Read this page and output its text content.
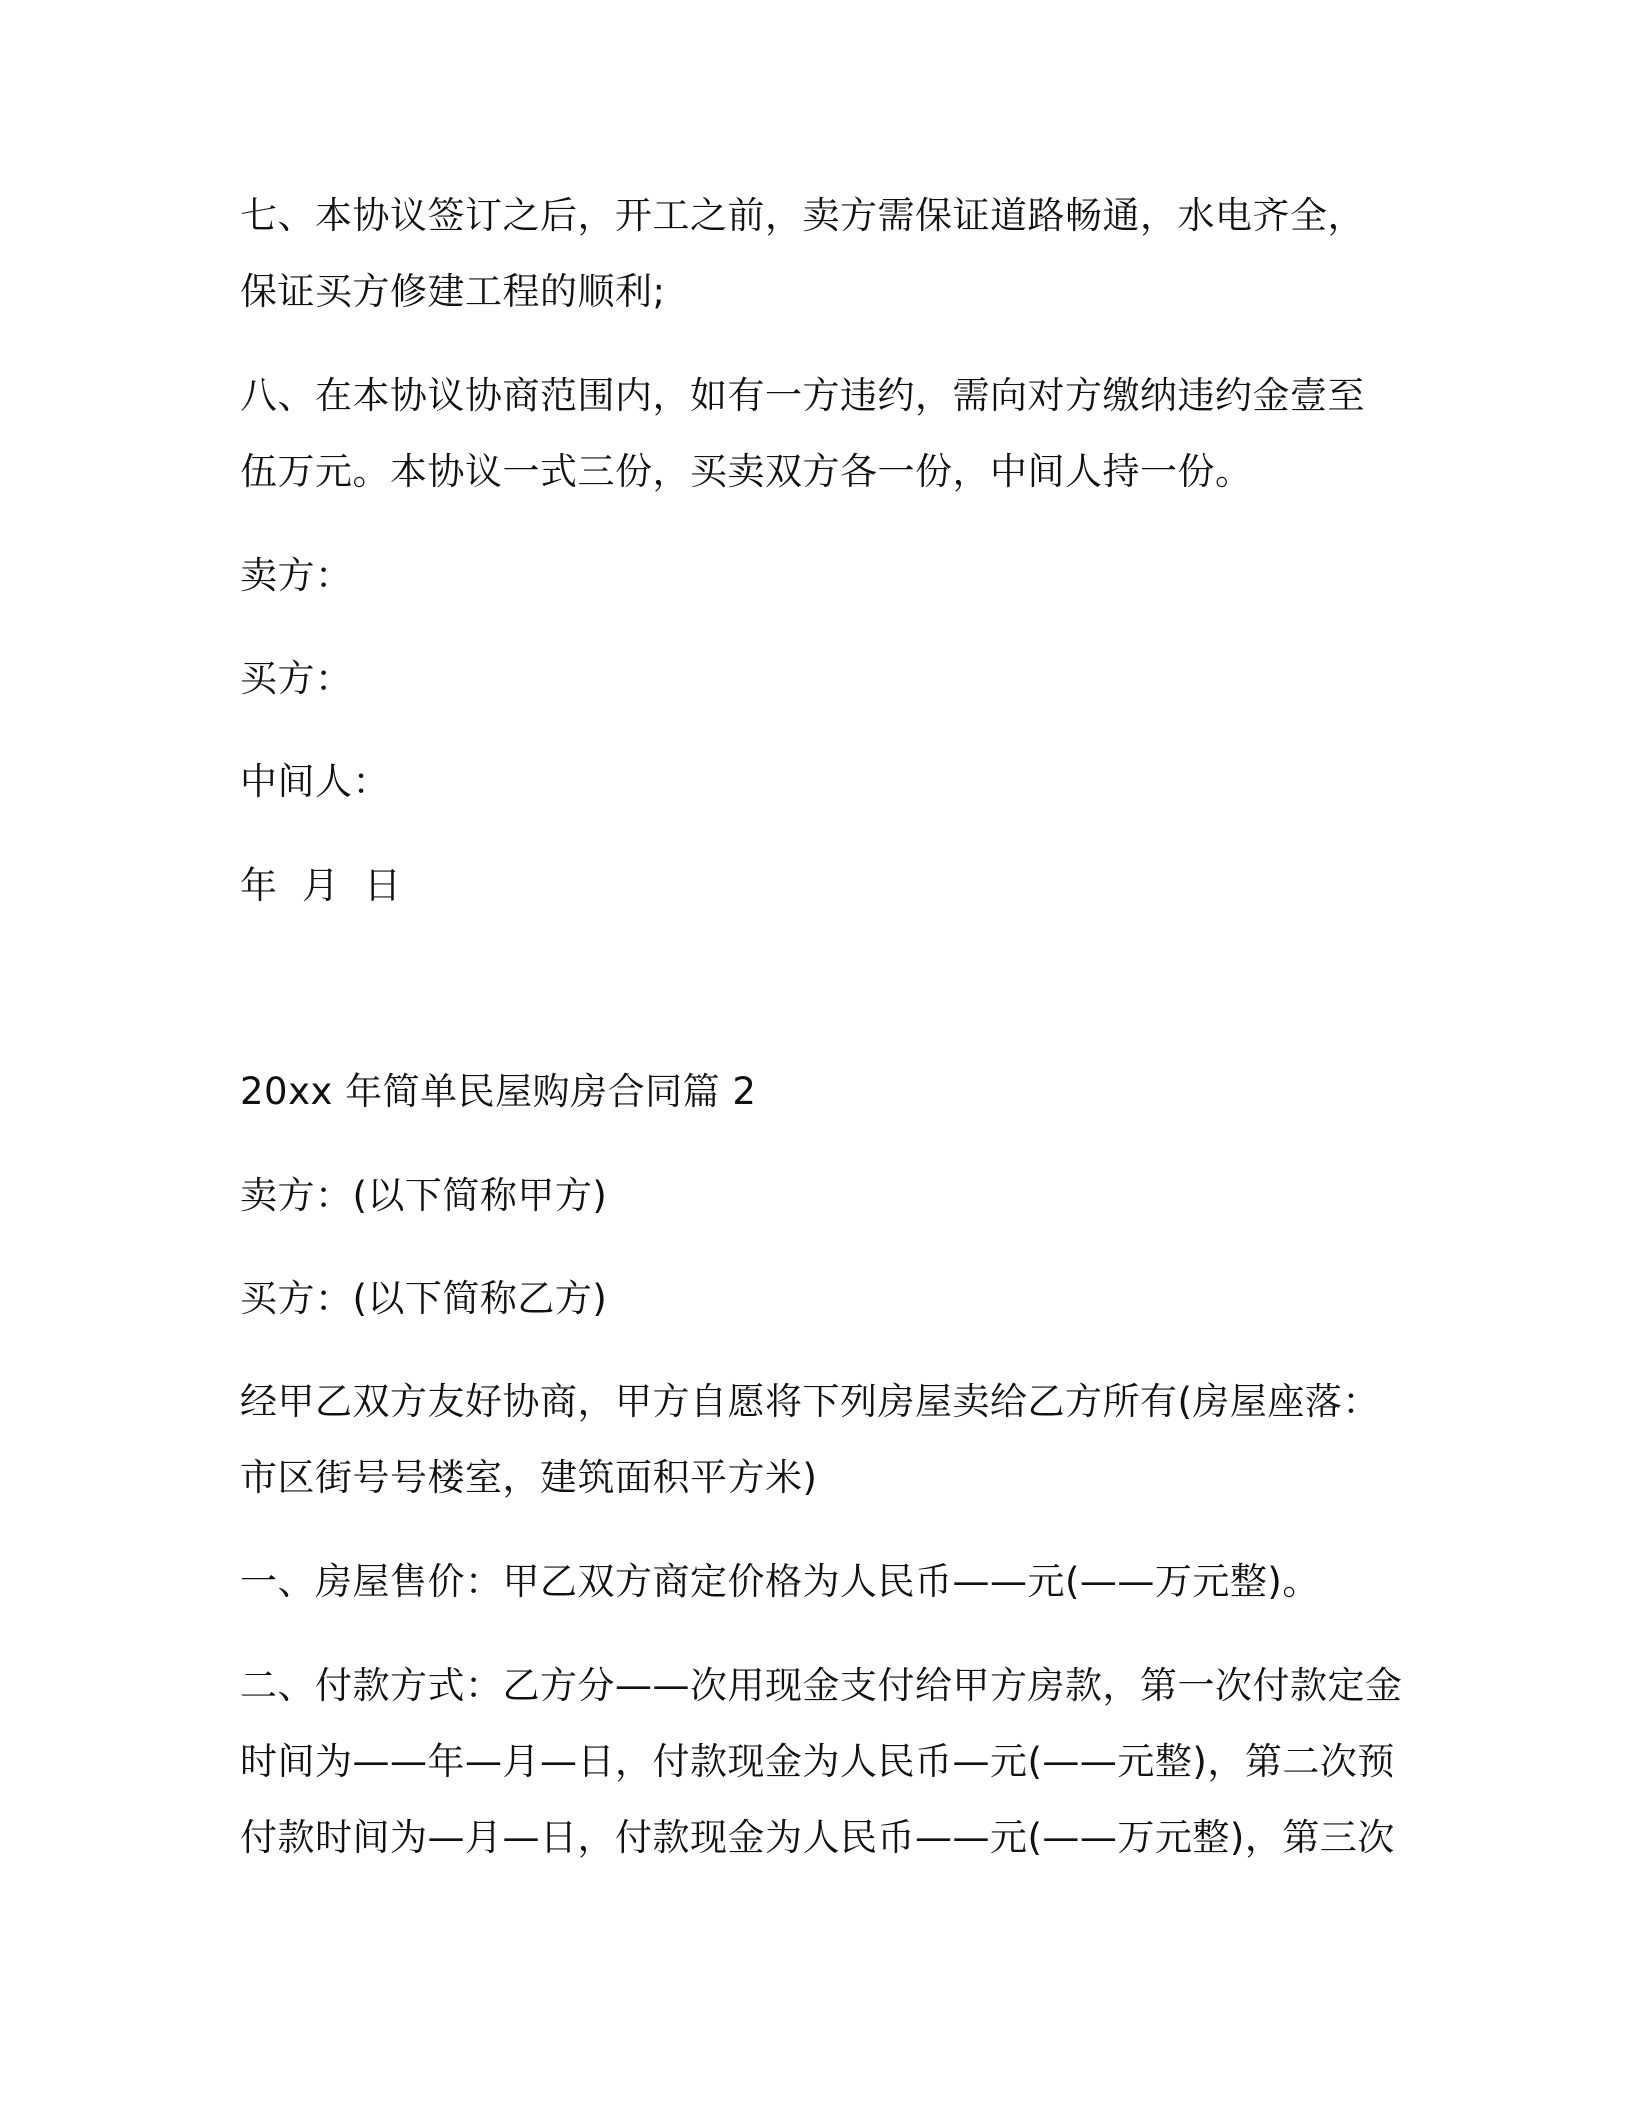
七、本协议签订之后，开工之前，卖方需保证道路畅通，水电齐全，
保证买方修建工程的顺利;
八、在本协议协商范围内，如有一方违约，需向对方缴纳违约金壹至
伍万元。本协议一式三份，买卖双方各一份，中间人持一份。
卖方：
买方：
中间人：
年  月  日
20xx 年简单民屋购房合同篇 2
卖方：(以下简称甲方)
买方：(以下简称乙方)
经甲乙双方友好协商，甲方自愿将下列房屋卖给乙方所有(房屋座落：
市区街号号楼室，建筑面积平方米)
一、房屋售价：甲乙双方商定价格为人民币——元(——万元整)。
二、付款方式：乙方分——次用现金支付给甲方房款，第一次付款定金
时间为——年—月—日，付款现金为人民币—元(——元整)，第二次预
付款时间为—月—日，付款现金为人民币——元(——万元整)，第三次
